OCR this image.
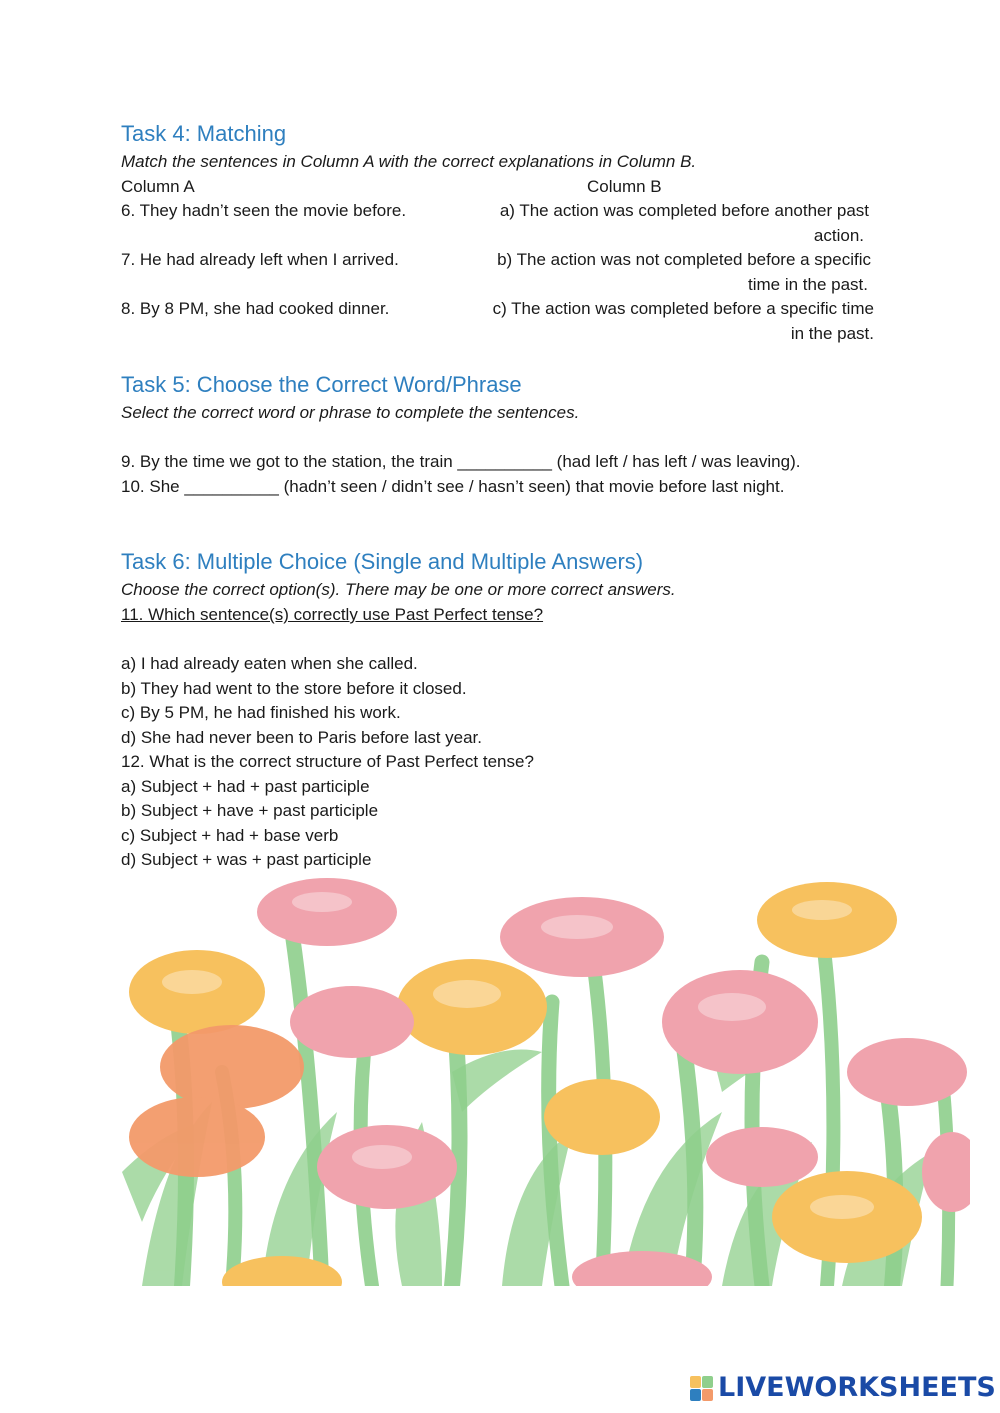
Task 4: Matching
Match the sentences in Column A with the correct explanations in Column B.
Column A	Column B
6. They hadn’t seen the movie before.	a) The action was completed before another past
action.
7. He had already left when I arrived.	b) The action was not completed before a specific
time in the past.
8. By 8 PM, she had cooked dinner.	c) The action was completed before a specific time
in the past.
Task 5: Choose the Correct Word/Phrase
Select the correct word or phrase to complete the sentences.
9. By the time we got to the station, the train __________ (had left / has left / was leaving).
10. She __________ (hadn’t seen / didn’t see / hasn’t seen) that movie before last night.
Task 6: Multiple Choice (Single and Multiple Answers)
Choose the correct option(s). There may be one or more correct answers.
11. Which sentence(s) correctly use Past Perfect tense?
a) I had already eaten when she called.
b) They had went to the store before it closed.
c) By 5 PM, he had finished his work.
d) She had never been to Paris before last year.
12. What is the correct structure of Past Perfect tense?
a) Subject + had + past participle
b) Subject + have + past participle
c) Subject + had + base verb
d) Subject + was + past participle
LIVEWORKSHEETS
